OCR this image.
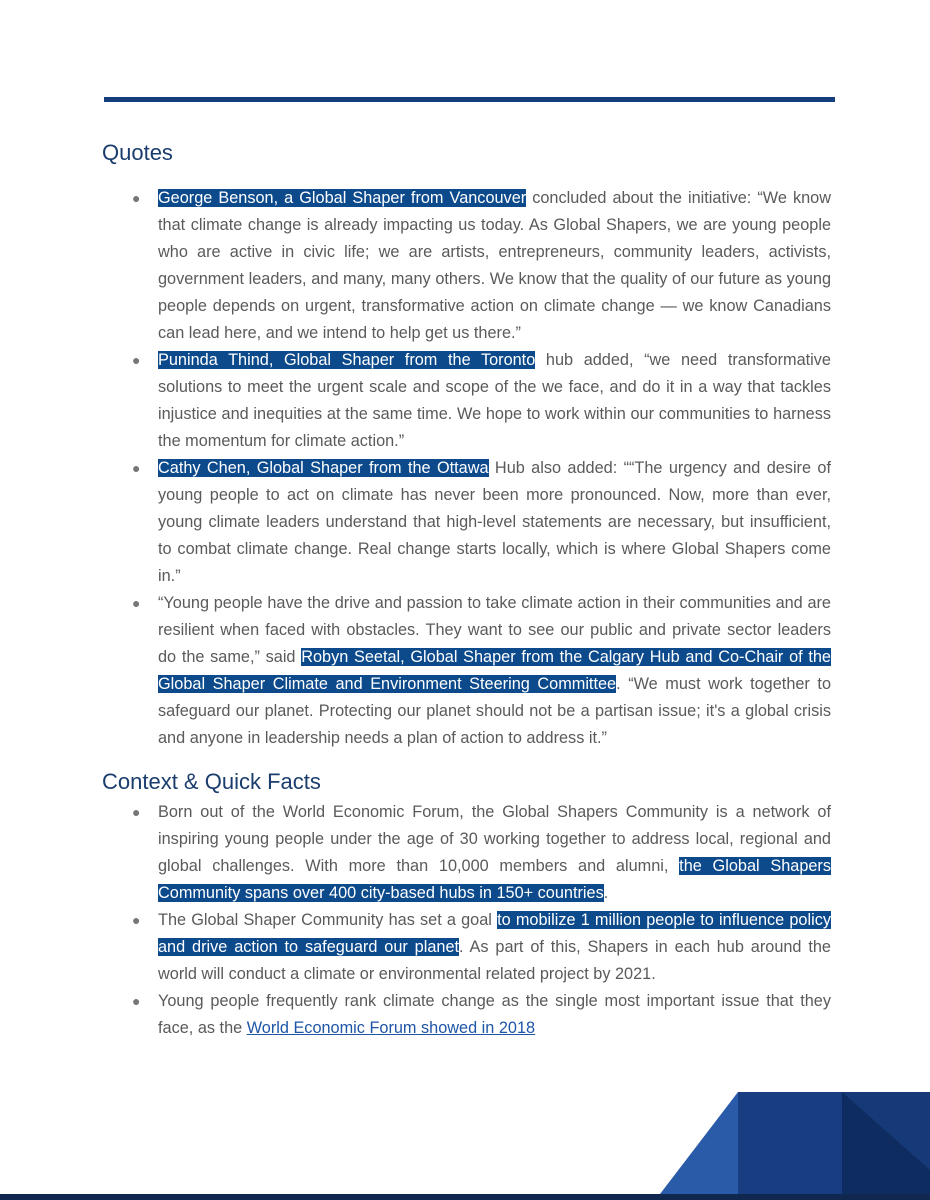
Quotes
● George Benson, a Global Shaper from Vancouver concluded about the initiative: “We know that climate change is already impacting us today. As Global Shapers, we are young people who are active in civic life; we are artists, entrepreneurs, community leaders, activists, government leaders, and many, many others. We know that the quality of our future as young people depends on urgent, transformative action on climate change — we know Canadians can lead here, and we intend to help get us there.”
● Puninda Thind, Global Shaper from the Toronto hub added, “we need transformative solutions to meet the urgent scale and scope of the we face, and do it in a way that tackles injustice and inequities at the same time. We hope to work within our communities to harness the momentum for climate action.”
● Cathy Chen, Global Shaper from the Ottawa Hub also added: ““The urgency and desire of young people to act on climate has never been more pronounced. Now, more than ever, young climate leaders understand that high-level statements are necessary, but insufficient, to combat climate change. Real change starts locally, which is where Global Shapers come in.”
● “Young people have the drive and passion to take climate action in their communities and are resilient when faced with obstacles. They want to see our public and private sector leaders do the same,” said Robyn Seetal, Global Shaper from the Calgary Hub and Co-Chair of the Global Shaper Climate and Environment Steering Committee. “We must work together to safeguard our planet. Protecting our planet should not be a partisan issue; it's a global crisis and anyone in leadership needs a plan of action to address it.”
Context & Quick Facts
● Born out of the World Economic Forum, the Global Shapers Community is a network of inspiring young people under the age of 30 working together to address local, regional and global challenges. With more than 10,000 members and alumni, the Global Shapers Community spans over 400 city-based hubs in 150+ countries.
● The Global Shaper Community has set a goal to mobilize 1 million people to influence policy and drive action to safeguard our planet. As part of this, Shapers in each hub around the world will conduct a climate or environmental related project by 2021.
● Young people frequently rank climate change as the single most important issue that they face, as the World Economic Forum showed in 2018
